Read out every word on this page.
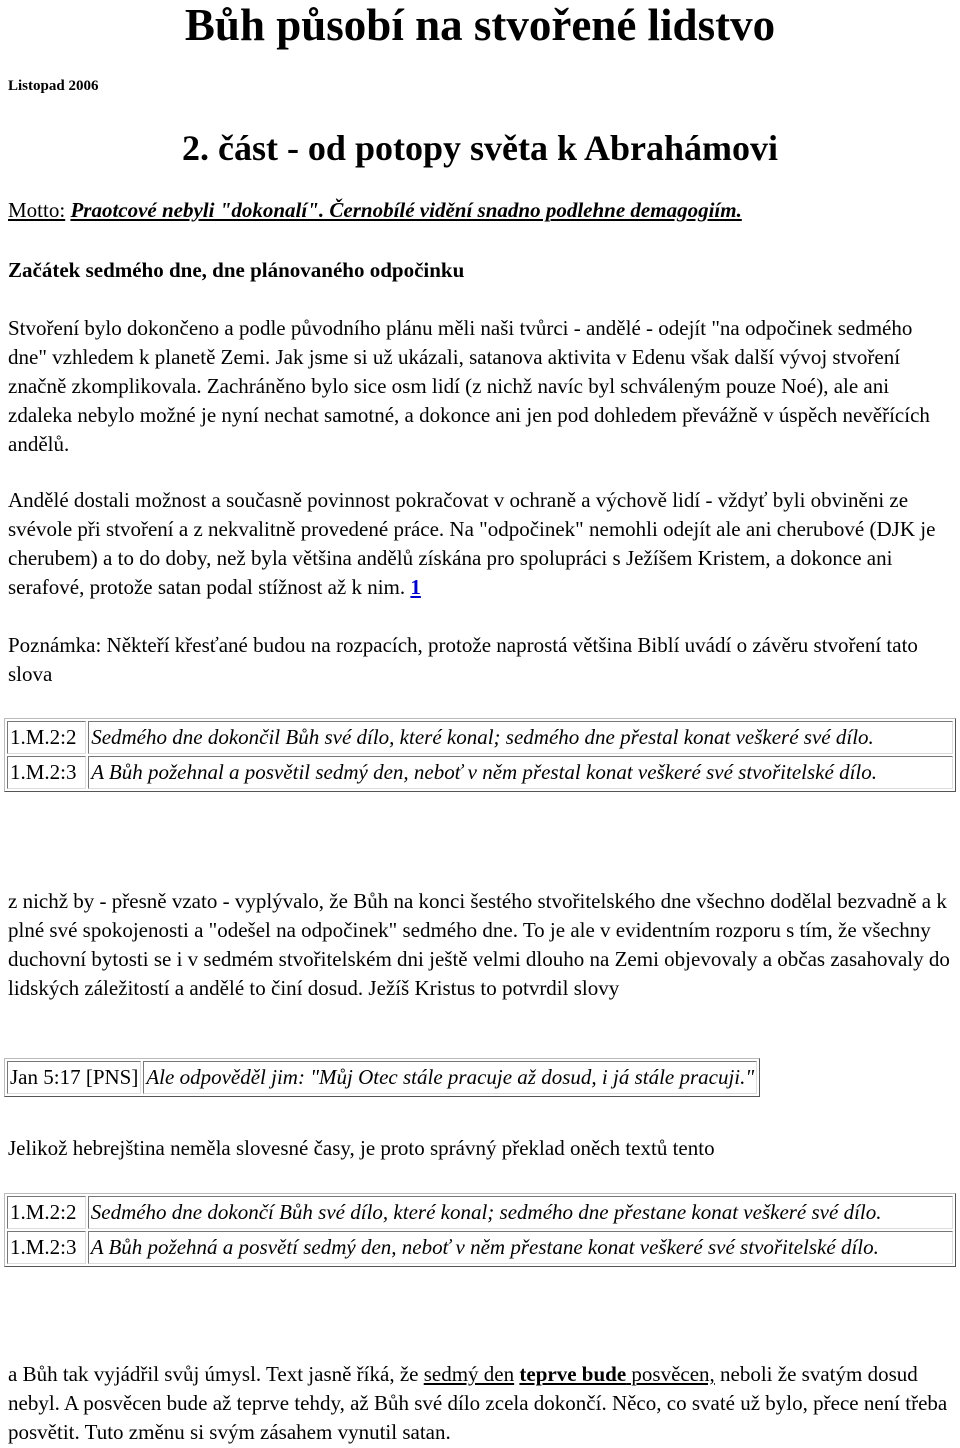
Bůh působí na stvořené lidstvo
Listopad 2006
2. část - od potopy světa k Abrahámovi
Motto: Praotcové nebyli "dokonalí". Černobílé vidění snadno podlehne demagogiím.
Začátek sedmého dne, dne plánovaného odpočinku
Stvoření bylo dokončeno a podle původního plánu měli naši tvůrci - andělé - odejít "na odpočinek sedmého dne" vzhledem k planetě Zemi. Jak jsme si už ukázali, satanova aktivita v Edenu však další vývoj stvoření značně zkomplikovala. Zachráněno bylo sice osm lidí (z nichž navíc byl schváleným pouze Noé), ale ani zdaleka nebylo možné je nyní nechat samotné, a dokonce ani jen pod dohledem převážně v úspěch nevěřících andělů.
Andělé dostali možnost a současně povinnost pokračovat v ochraně a výchově lidí - vždyť byli obviněni ze svévole při stvoření a z nekvalitně provedené práce. Na "odpočinek" nemohli odejít ale ani cherubové (DJK je cherubem) a to do doby, než byla většina andělů získána pro spolupráci s Ježíšem Kristem, a dokonce ani serafové, protože satan podal stížnost až k nim. 1
Poznámka: Někteří křesťané budou na rozpacích, protože naprostá většina Biblí uvádí o závěru stvoření tato slova
1.M.2:2	Sedmého dne dokončil Bůh své dílo, které konal; sedmého dne přestal konat veškeré své dílo.
1.M.2:3	A Bůh požehnal a posvětil sedmý den, neboť v něm přestal konat veškeré své stvořitelské dílo.
z nichž by - přesně vzato - vyplývalo, že Bůh na konci šestého stvořitelského dne všechno dodělal bezvadně a k plné své spokojenosti a "odešel na odpočinek" sedmého dne. To je ale v evidentním rozporu s tím, že všechny duchovní bytosti se i v sedmém stvořitelském dni ještě velmi dlouho na Zemi objevovaly a občas zasahovaly do lidských záležitostí a andělé to činí dosud. Ježíš Kristus to potvrdil slovy
Jan 5:17 [PNS]	Ale odpověděl jim: "Můj Otec stále pracuje až dosud, i já stále pracuji."
Jelikož hebrejština neměla slovesné časy, je proto správný překlad oněch textů tento
1.M.2:2	Sedmého dne dokončí Bůh své dílo, které konal; sedmého dne přestane konat veškeré své dílo.
1.M.2:3	A Bůh požehná a posvětí sedmý den, neboť v něm přestane konat veškeré své stvořitelské dílo.
a Bůh tak vyjádřil svůj úmysl. Text jasně říká, že sedmý den teprve bude posvěcen, neboli že svatým dosud nebyl. A posvěcen bude až teprve tehdy, až Bůh své dílo zcela dokončí. Něco, co svaté už bylo, přece není třeba posvětit. Tuto změnu si svým zásahem vynutil satan.
